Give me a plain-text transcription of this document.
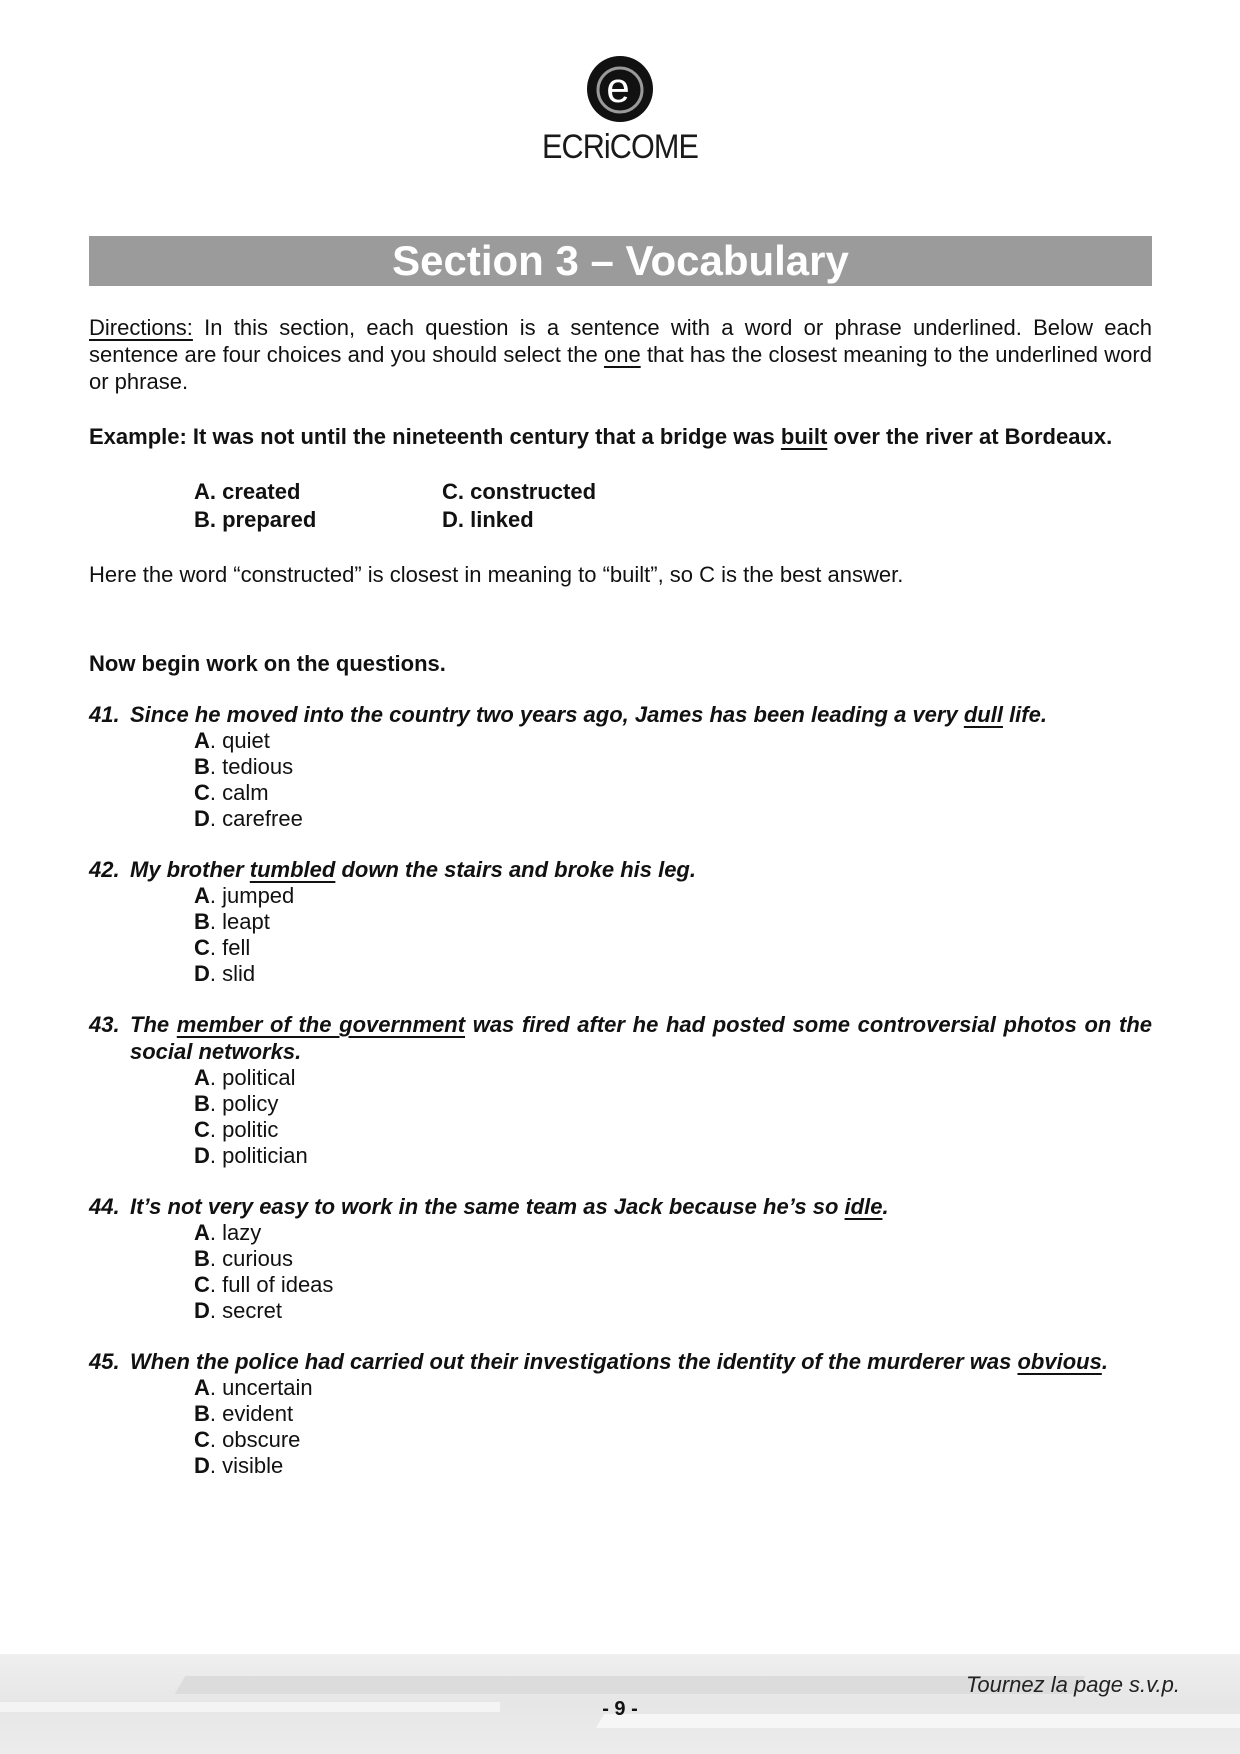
e
ECRiCOME
Section 3 – Vocabulary

Directions: In this section, each question is a sentence with a word or phrase underlined. Below each sentence are four choices and you should select the one that has the closest meaning to the underlined word or phrase.

Example: It was not until the nineteenth century that a bridge was built over the river at Bordeaux.
A. created	C. constructed
B. prepared	D. linked
Here the word “constructed” is closest in meaning to “built”, so C is the best answer.
Now begin work on the questions.
41. Since he moved into the country two years ago, James has been leading a very dull life.
A. quiet
B. tedious
C. calm
D. carefree
42. My brother tumbled down the stairs and broke his leg.
A. jumped
B. leapt
C. fell
D. slid
43. The member of the government was fired after he had posted some controversial photos on the social networks.
A. political
B. policy
C. politic
D. politician
44. It’s not very easy to work in the same team as Jack because he’s so idle.
A. lazy
B. curious
C. full of ideas
D. secret
45. When the police had carried out their investigations the identity of the murderer was obvious.
A. uncertain
B. evident
C. obscure
D. visible
Tournez la page s.v.p.
- 9 -
